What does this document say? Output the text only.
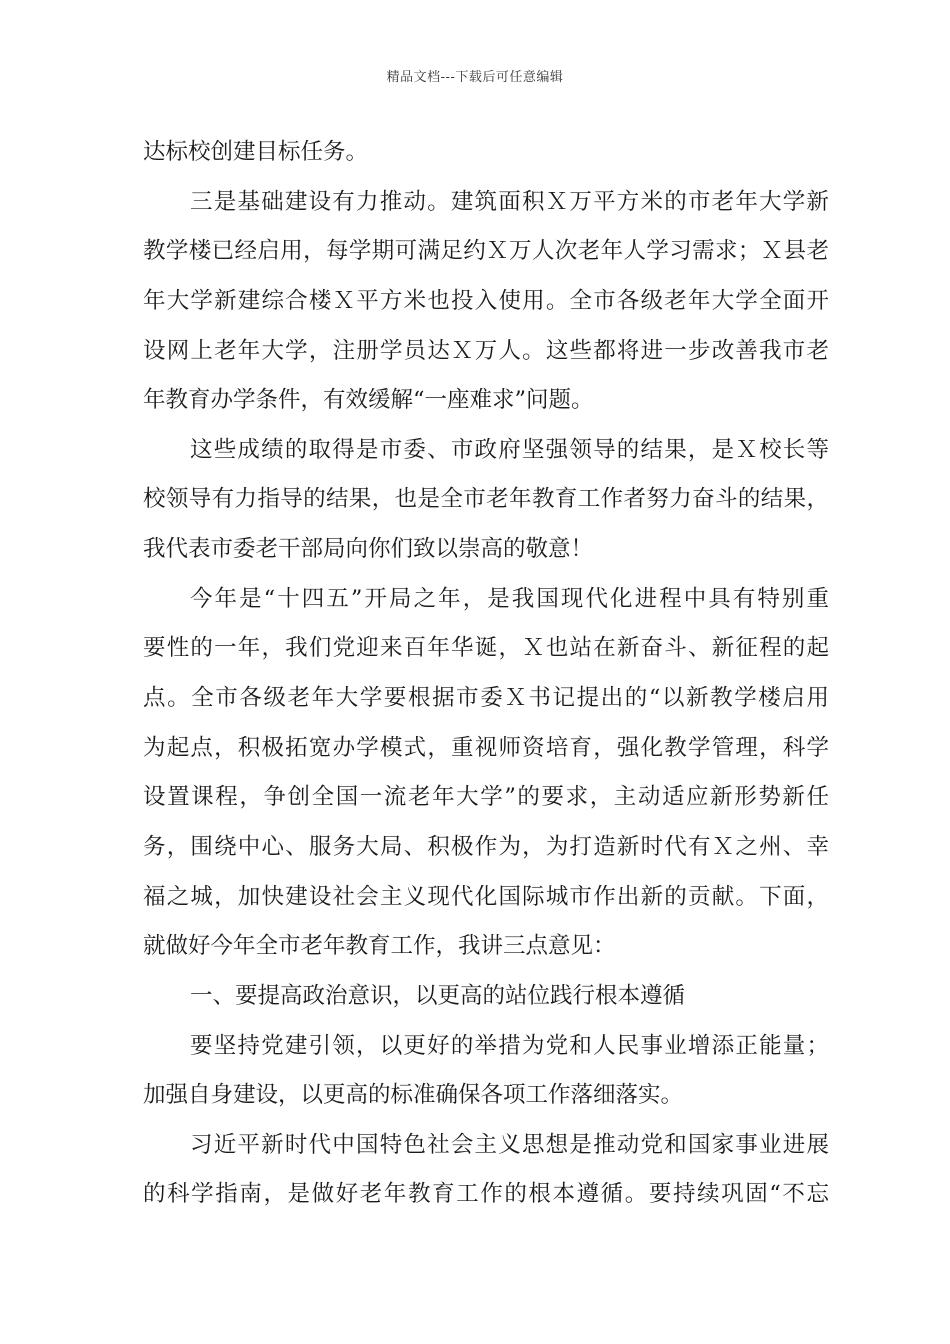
精品文档---下载后可任意编辑
达标校创建目标任务。
三是基础建设有力推动。建筑面积Ｘ万平方米的市老年大学新
教学楼已经启用，每学期可满足约Ｘ万人次老年人学习需求；Ｘ县老
年大学新建综合楼Ｘ平方米也投入使用。全市各级老年大学全面开
设网上老年大学，注册学员达Ｘ万人。这些都将进一步改善我市老
年教育办学条件，有效缓解“一座难求”问题。
这些成绩的取得是市委、市政府坚强领导的结果，是Ｘ校长等
校领导有力指导的结果，也是全市老年教育工作者努力奋斗的结果，
我代表市委老干部局向你们致以崇高的敬意！
今年是“十四五”开局之年，是我国现代化进程中具有特别重
要性的一年，我们党迎来百年华诞，Ｘ也站在新奋斗、新征程的起
点。全市各级老年大学要根据市委Ｘ书记提出的“以新教学楼启用
为起点，积极拓宽办学模式，重视师资培育，强化教学管理，科学
设置课程，争创全国一流老年大学”的要求，主动适应新形势新任
务，围绕中心、服务大局、积极作为，为打造新时代有Ｘ之州、幸
福之城，加快建设社会主义现代化国际城市作出新的贡献。下面，
就做好今年全市老年教育工作，我讲三点意见：
一、要提高政治意识，以更高的站位践行根本遵循
要坚持党建引领，以更好的举措为党和人民事业增添正能量；
加强自身建设，以更高的标准确保各项工作落细落实。
习近平新时代中国特色社会主义思想是推动党和国家事业进展
的科学指南，是做好老年教育工作的根本遵循。要持续巩固“不忘
